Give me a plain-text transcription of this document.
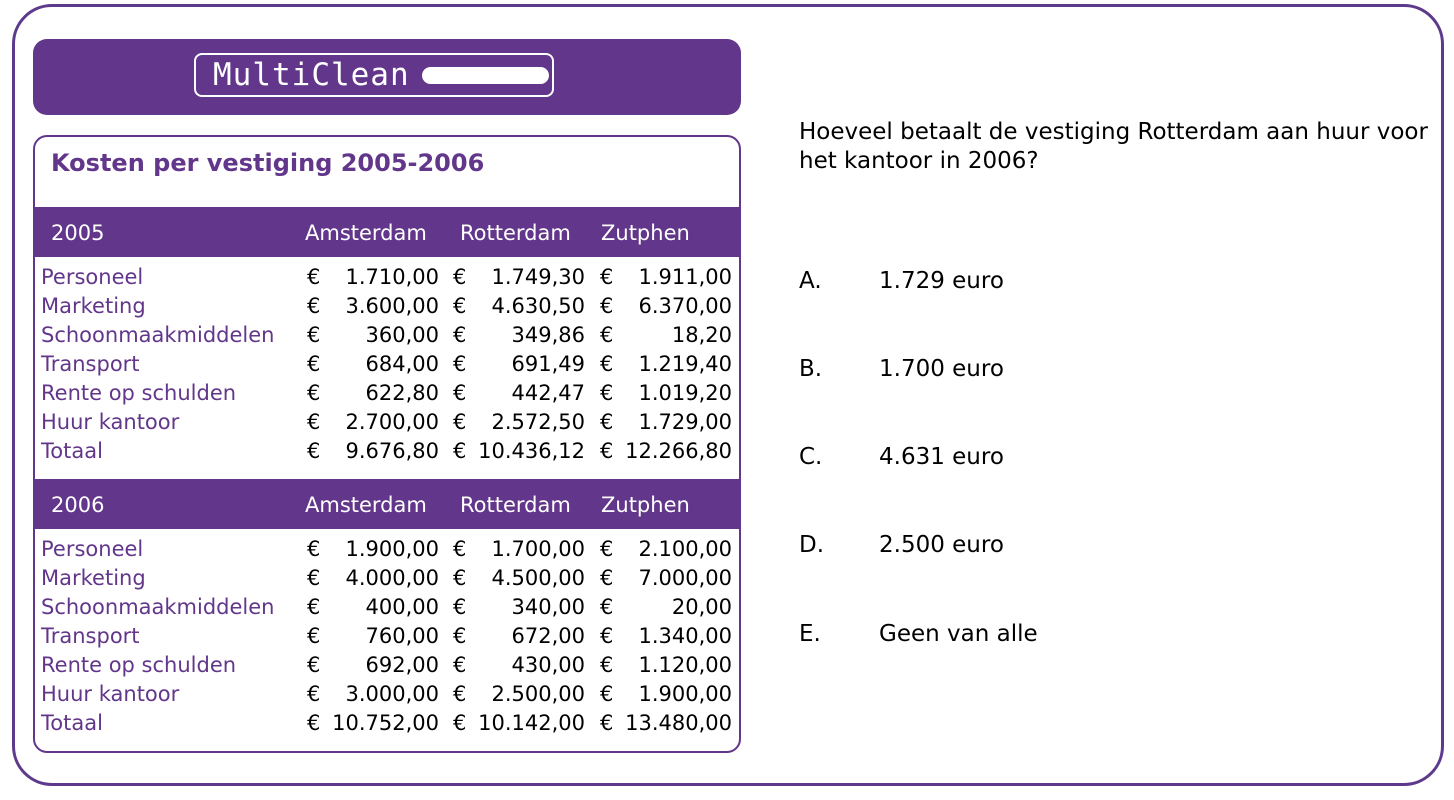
MultiClean
Kosten per vestiging 2005-2006
2005	Amsterdam Rotterdam Zutphen
Personeel	€ 1.710,00 € 1.749,30 € 1.911,00
Marketing	€ 3.600,00 € 4.630,50 € 6.370,00
Schoonmaakmiddelen € 360,00 € 349,86 €	18,20
Transport	€ 684,00 € 691,49 € 1.219,40
Rente op schulden	€ 622,80 € 442,47 € 1.019,20
Huur kantoor	€ 2.700,00 € 2.572,50 € 1.729,00
Totaal	€ 9.676,80 € 10.436,12 € 12.266,80
2006	Amsterdam Rotterdam Zutphen
Personeel	€ 1.900,00 € 1.700,00 € 2.100,00
Marketing	€ 4.000,00 € 4.500,00 € 7.000,00
Schoonmaakmiddelen € 400,00 € 340,00 €	20,00
Transport	€ 760,00 € 672,00 € 1.340,00
Rente op schulden	€ 692,00 € 430,00 € 1.120,00
Huur kantoor	€ 3.000,00 € 2.500,00 € 1.900,00
Totaal	€ 10.752,00 € 10.142,00 € 13.480,00
Hoeveel betaalt de vestiging Rotterdam aan huur voor het kantoor in 2006?
A. 1.729 euro
B. 1.700 euro
C. 4.631 euro
D. 2.500 euro
E.	Geen van alle
